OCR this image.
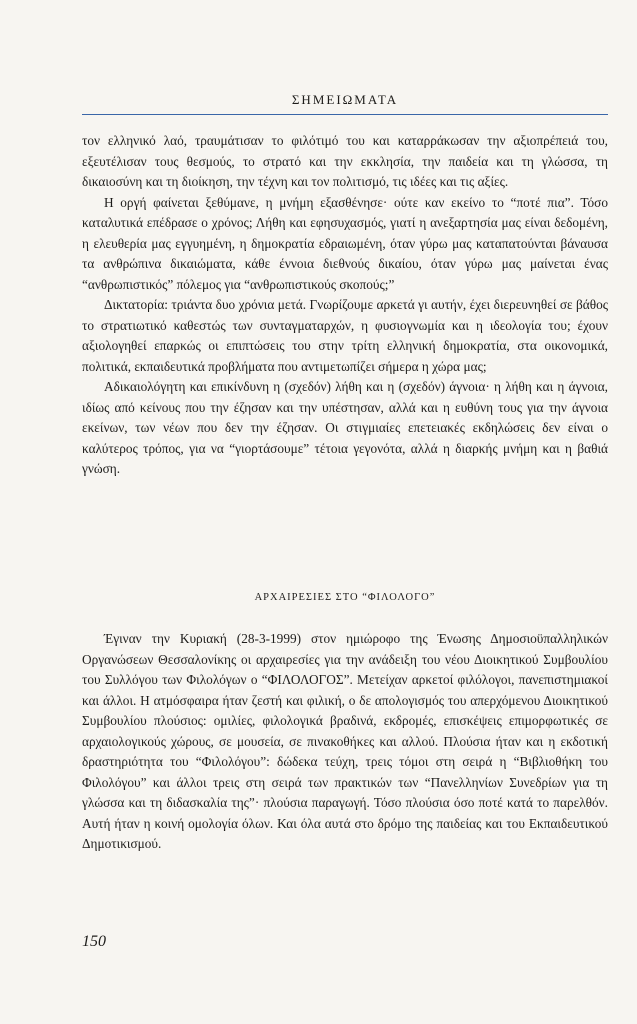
ΣΗΜΕΙΩΜΑΤΑ

τον ελληνικό λαό, τραυμάτισαν το φιλότιμό του και καταρράκωσαν την αξιοπρέπειά του, εξευτέλισαν τους θεσμούς, το στρατό και την εκκλησία, την παιδεία και τη γλώσσα, τη δικαιοσύνη και τη διοίκηση, την τέχνη και τον πολιτισμό, τις ιδέες και τις αξίες.

Η οργή φαίνεται ξεθύμανε, η μνήμη εξασθένησε· ούτε καν εκείνο το “ποτέ πια”. Τόσο καταλυτικά επέδρασε ο χρόνος; Λήθη και εφησυχασμός, γιατί η ανεξαρτησία μας είναι δεδομένη, η ελευθερία μας εγγυημένη, η δημοκρατία εδραιωμένη, όταν γύρω μας καταπατούνται βάναυσα τα ανθρώπινα δικαιώματα, κάθε έννοια διεθνούς δικαίου, όταν γύρω μας μαίνεται ένας “ανθρωπιστικός” πόλεμος για “ανθρωπιστικούς σκοπούς;”

Δικτατορία: τριάντα δυο χρόνια μετά. Γνωρίζουμε αρκετά γι αυτήν, έχει διερευνηθεί σε βάθος το στρατιωτικό καθεστώς των συνταγματαρχών, η φυσιογνωμία και η ιδεολογία του; έχουν αξιολογηθεί επαρκώς οι επιπτώσεις του στην τρίτη ελληνική δημοκρατία, στα οικονομικά, πολιτικά, εκπαιδευτικά προβλήματα που αντιμετωπίζει σήμερα η χώρα μας;

Αδικαιολόγητη και επικίνδυνη η (σχεδόν) λήθη και η (σχεδόν) άγνοια· η λήθη και η άγνοια, ιδίως από κείνους που την έζησαν και την υπέστησαν, αλλά και η ευθύνη τους για την άγνοια εκείνων, των νέων που δεν την έζησαν. Οι στιγμιαίες επετειακές εκδηλώσεις δεν είναι ο καλύτερος τρόπος, για να “γιορτάσουμε” τέτοια γεγονότα, αλλά η διαρκής μνήμη και η βαθιά γνώση.

ΑΡΧΑΙΡΕΣΙΕΣ ΣΤΟ “ΦΙΛΟΛΟΓΟ”

Έγιναν την Κυριακή (28-3-1999) στον ημιώροφο της Ένωσης Δημοσιοϋπαλληλικών Οργανώσεων Θεσσαλονίκης οι αρχαιρεσίες για την ανάδειξη του νέου Διοικητικού Συμβουλίου του Συλλόγου των Φιλολόγων ο “ΦΙΛΟΛΟΓΟΣ”. Μετείχαν αρκετοί φιλόλογοι, πανεπιστημιακοί και άλλοι. Η ατμόσφαιρα ήταν ζεστή και φιλική, ο δε απολογισμός του απερχόμενου Διοικητικού Συμβουλίου πλούσιος: ομιλίες, φιλολογικά βραδινά, εκδρομές, επισκέψεις επιμορφωτικές σε αρχαιολογικούς χώρους, σε μουσεία, σε πινακοθήκες και αλλού. Πλούσια ήταν και η εκδοτική δραστηριότητα του “Φιλολόγου”: δώδεκα τεύχη, τρεις τόμοι στη σειρά η “Βιβλιοθήκη του Φιλολόγου” και άλλοι τρεις στη σειρά των πρακτικών των “Πανελληνίων Συνεδρίων για τη γλώσσα και τη διδασκαλία της”· πλούσια παραγωγή. Τόσο πλούσια όσο ποτέ κατά το παρελθόν. Αυτή ήταν η κοινή ομολογία όλων. Και όλα αυτά στο δρόμο της παιδείας και του Εκπαιδευτικού Δημοτικισμού.

150
